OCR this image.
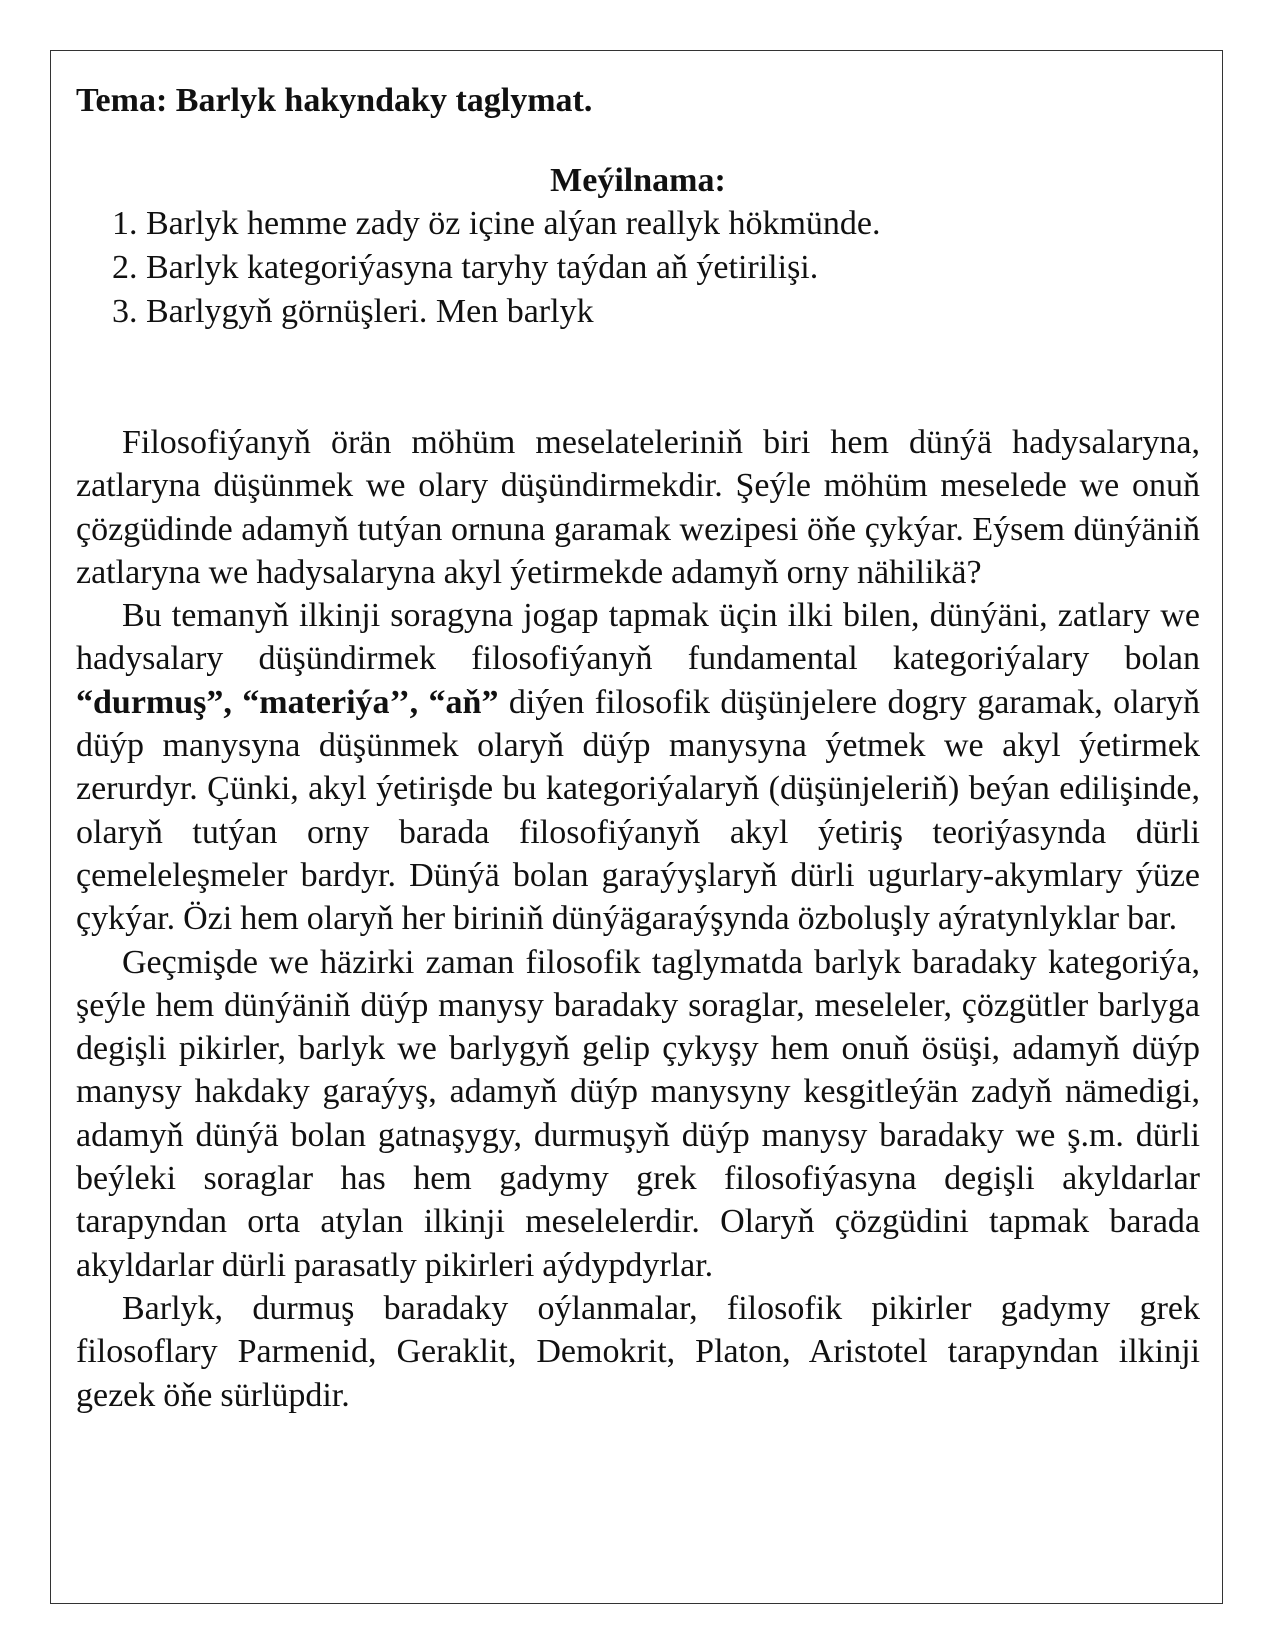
Tema: Barlyk hakyndaky taglymat.

Meýilnama:
1. Barlyk hemme zady öz içine alýan reallyk hökmünde.
2. Barlyk kategoriýasyna taryhy taýdan aň ýetirilişi.
3. Barlygyň görnüşleri. Men barlyk

Filosofiýanyň örän möhüm meselateleriniň biri hem dünýä hadysalaryna, zatlaryna düşünmek we olary düşündirmekdir. Şeýle möhüm meselede we onuň çözgüdinde adamyň tutýan ornuna garamak wezipesi öňe çykýar. Eýsem dünýäniň zatlaryna we hadysalaryna akyl ýetirmekde adamyň orny nähilikä?

Bu temanyň ilkinji soragyna jogap tapmak üçin ilki bilen, dünýäni, zatlary we hadysalary düşündirmek filosofiýanyň fundamental kategoriýalary bolan “durmuş”, “materiýa’’, “aň” diýen filosofik düşünjelere dogry garamak, olaryň düýp manysyna düşünmek olaryň düýp manysyna ýetmek we akyl ýetirmek zerurdyr. Çünki, akyl ýetirişde bu kategoriýalaryň (düşünjeleriň) beýan edilişinde, olaryň tutýan orny barada filosofiýanyň akyl ýetiriş teoriýasynda dürli çemeleleşmeler bardyr. Dünýä bolan garaýyşlaryň dürli ugurlary-akymlary ýüze çykýar. Özi hem olaryň her biriniň dünýägaraýşynda özboluşly aýratynlyklar bar.

Geçmişde we häzirki zaman filosofik taglymatda barlyk baradaky kategoriýa, şeýle hem dünýäniň düýp manysy baradaky soraglar, meseleler, çözgütler barlyga degişli pikirler, barlyk we barlygyň gelip çykyşy hem onuň ösüşi, adamyň düýp manysy hakdaky garaýyş, adamyň düýp manysyny kesgitleýän zadyň nämedigi, adamyň dünýä bolan gatnaşygy, durmuşyň düýp manysy baradaky we ş.m. dürli beýleki soraglar has hem gadymy grek filosofiýasyna degişli akyldarlar tarapyndan orta atylan ilkinji meselelerdir. Olaryň çözgüdini tapmak barada akyldarlar dürli parasatly pikirleri aýdypdyrlar.

Barlyk, durmuş baradaky oýlanmalar, filosofik pikirler gadymy grek filosoflary Parmenid, Geraklit, Demokrit, Platon, Aristotel tarapyndan ilkinji gezek öňe sürlüpdir.
